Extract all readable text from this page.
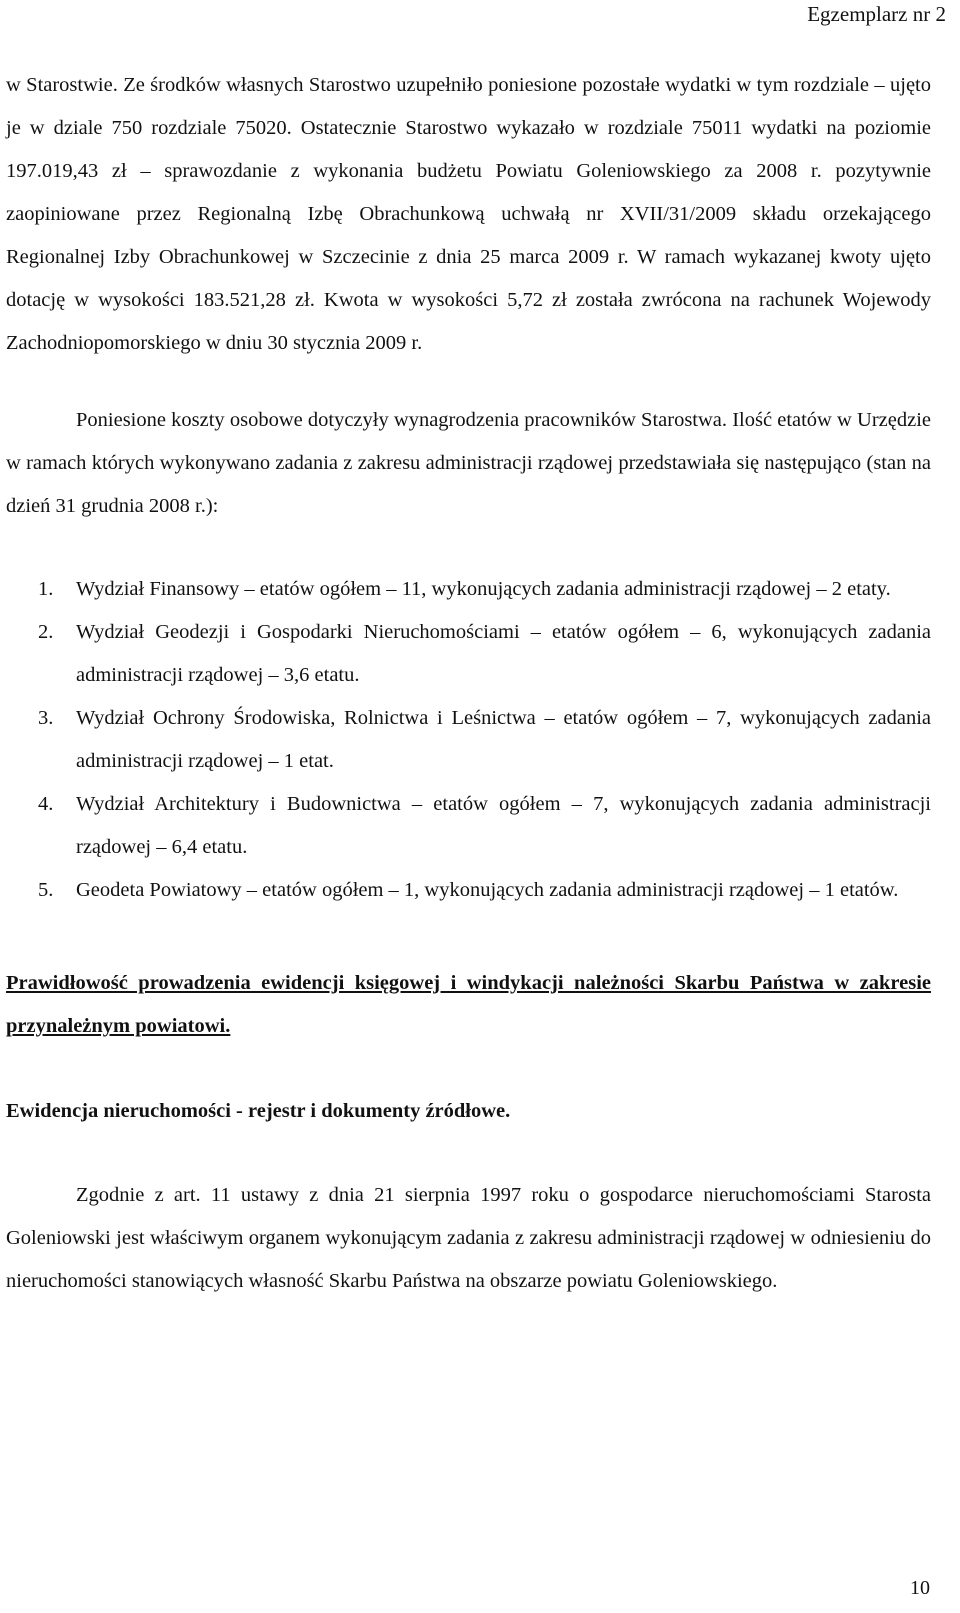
Egzemplarz nr 2

w Starostwie. Ze środków własnych Starostwo uzupełniło poniesione pozostałe wydatki w tym rozdziale – ujęto je w dziale 750 rozdziale 75020. Ostatecznie Starostwo wykazało w rozdziale 75011 wydatki na poziomie 197.019,43 zł – sprawozdanie z wykonania budżetu Powiatu Goleniowskiego za 2008 r. pozytywnie zaopiniowane przez Regionalną Izbę Obrachunkową uchwałą nr XVII/31/2009 składu orzekającego Regionalnej Izby Obrachunkowej w Szczecinie z dnia 25 marca 2009 r. W ramach wykazanej kwoty ujęto dotację w wysokości 183.521,28 zł. Kwota w wysokości 5,72 zł została zwrócona na rachunek Wojewody Zachodniopomorskiego w dniu 30 stycznia 2009 r.

Poniesione koszty osobowe dotyczyły wynagrodzenia pracowników Starostwa. Ilość etatów w Urzędzie w ramach których wykonywano zadania z zakresu administracji rządowej przedstawiała się następująco (stan na dzień 31 grudnia 2008 r.):

1. Wydział Finansowy – etatów ogółem – 11, wykonujących zadania administracji rządowej – 2 etaty.
2. Wydział Geodezji i Gospodarki Nieruchomościami – etatów ogółem – 6, wykonujących zadania administracji rządowej – 3,6 etatu.
3. Wydział Ochrony Środowiska, Rolnictwa i Leśnictwa – etatów ogółem – 7, wykonujących zadania administracji rządowej – 1 etat.
4. Wydział Architektury i Budownictwa – etatów ogółem – 7, wykonujących zadania administracji rządowej – 6,4 etatu.
5. Geodeta Powiatowy – etatów ogółem – 1, wykonujących zadania administracji rządowej – 1 etatów.

Prawidłowość prowadzenia ewidencji księgowej i windykacji należności Skarbu Państwa w zakresie przynależnym powiatowi.

Ewidencja nieruchomości - rejestr i dokumenty źródłowe.

Zgodnie z art. 11 ustawy z dnia 21 sierpnia 1997 roku o gospodarce nieruchomościami Starosta Goleniowski jest właściwym organem wykonującym zadania z zakresu administracji rządowej w odniesieniu do nieruchomości stanowiących własność Skarbu Państwa na obszarze powiatu Goleniowskiego.

10
